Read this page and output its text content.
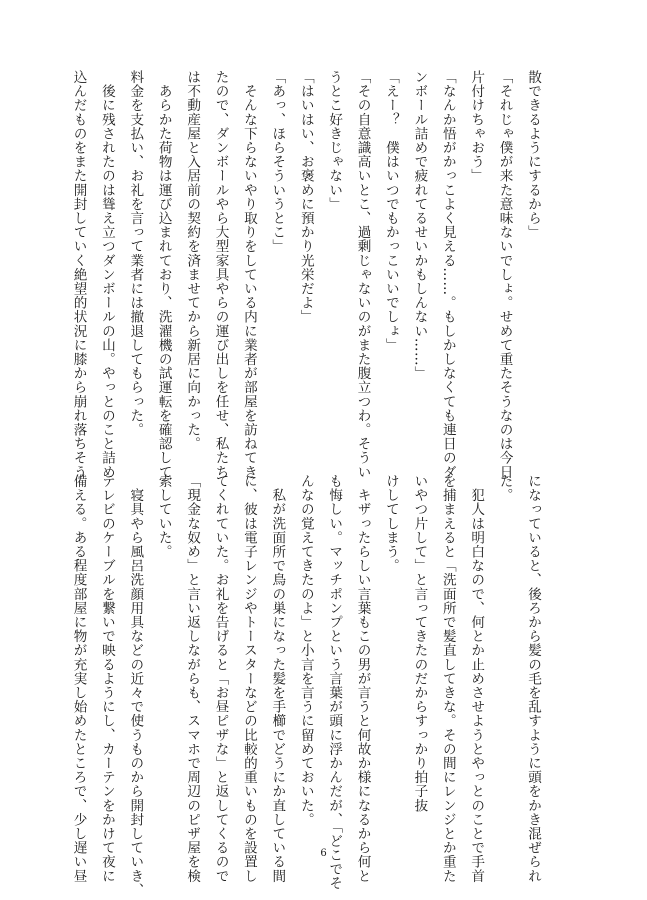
散できるようにするから」
「それじゃ僕が来た意味ないでしょ。せめて重たそうなのは今日
片付けちゃおう」
「なんか悟がかっこよく見える……。もしかしなくても連日のダ
ンボール詰めで疲れてるせいかもしんない……」
「えー？　僕はいつでもかっこいいでしょ」
「その自意識高いとこ、過剰じゃないのがまた腹立つわ。そうい
うとこ好きじゃない」
「はいはい、お褒めに預かり光栄だよ」
「あっ、ほらそういうとこ」
　そんな下らないやり取りをしている内に業者が部屋を訪ねてき
たので、ダンボールやら大型家具やらの運び出しを任せ、私たち
は不動産屋と入居前の契約を済ませてから新居に向かった。
　あらかた荷物は運び込まれており、洗濯機の試運転を確認して
料金を支払い、お礼を言って業者には撤退してもらった。
　後に残されたのは聳え立つダンボールの山。やっとのこと詰め
込んだものをまた開封していく絶望的状況に膝から崩れ落ちそう
になっていると、後ろから髪の毛を乱すように頭をかき混ぜられ
た。
　犯人は明白なので、何とか止めさせようとやっとのことで手首
を捕まえると「洗面所で髪直してきな。その間にレンジとか重た
いやつ片して」と言ってきたのだからすっかり拍子抜
けしてしまう。
　キザったらしい言葉もこの男が言うと何故か様になるから何と
も悔しい。マッチポンプという言葉が頭に浮かんだが、「どこでそ
んなの覚えてきたのよ」と小言を言うに留めておいた。
　私が洗面所で鳥の巣になった髪を手櫛でどうにか直している間
に、彼は電子レンジやトースターなどの比較的重いものを設置し
てくれていた。お礼を告げると「お昼ピザな」と返してくるので
「現金な奴め」と言い返しながらも、スマホで周辺のピザ屋を検
索していた。
　寝具やら風呂洗顔用具などの近々で使うものから開封していき、
テレビのケーブルを繋いで映るようにし、カーテンをかけて夜に
備える。ある程度部屋に物が充実し始めたところで、少し遅い昼	6
